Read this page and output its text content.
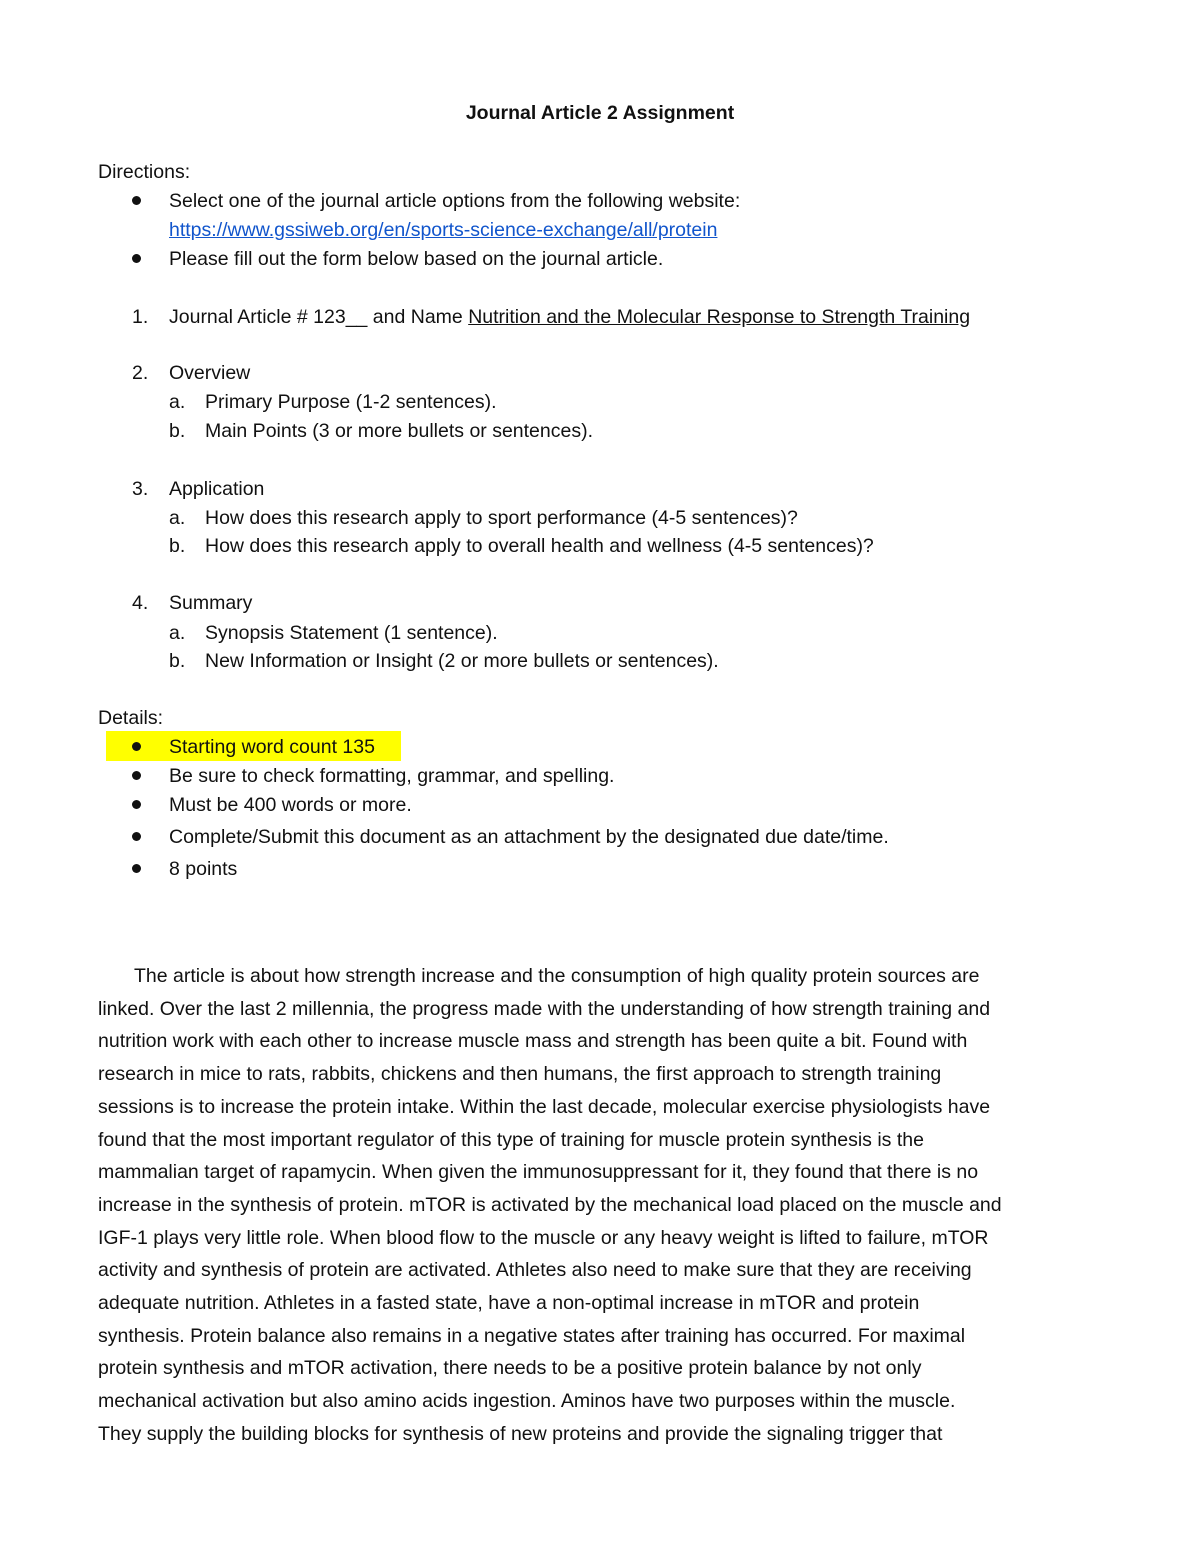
Journal Article 2 Assignment
Directions:
Select one of the journal article options from the following website:
https://www.gssiweb.org/en/sports-science-exchange/all/protein
Please fill out the form below based on the journal article.
1. Journal Article # 123__ and Name Nutrition and the Molecular Response to Strength Training
2. Overview
a. Primary Purpose (1-2 sentences).
b. Main Points (3 or more bullets or sentences).
3. Application
a. How does this research apply to sport performance (4-5 sentences)?
b. How does this research apply to overall health and wellness (4-5 sentences)?
4. Summary
a. Synopsis Statement (1 sentence).
b. New Information or Insight (2 or more bullets or sentences).
Details:
Starting word count 135
Be sure to check formatting, grammar, and spelling.
Must be 400 words or more.
Complete/Submit this document as an attachment by the designated due date/time.
8 points
The article is about how strength increase and the consumption of high quality protein sources are
linked. Over the last 2 millennia, the progress made with the understanding of how strength training and
nutrition work with each other to increase muscle mass and strength has been quite a bit. Found with
research in mice to rats, rabbits, chickens and then humans, the first approach to strength training
sessions is to increase the protein intake. Within the last decade, molecular exercise physiologists have
found that the most important regulator of this type of training for muscle protein synthesis is the
mammalian target of rapamycin. When given the immunosuppressant for it, they found that there is no
increase in the synthesis of protein. mTOR is activated by the mechanical load placed on the muscle and
IGF-1 plays very little role. When blood flow to the muscle or any heavy weight is lifted to failure, mTOR
activity and synthesis of protein are activated. Athletes also need to make sure that they are receiving
adequate nutrition. Athletes in a fasted state, have a non-optimal increase in mTOR and protein
synthesis. Protein balance also remains in a negative states after training has occurred. For maximal
protein synthesis and mTOR activation, there needs to be a positive protein balance by not only
mechanical activation but also amino acids ingestion. Aminos have two purposes within the muscle.
They supply the building blocks for synthesis of new proteins and provide the signaling trigger that
